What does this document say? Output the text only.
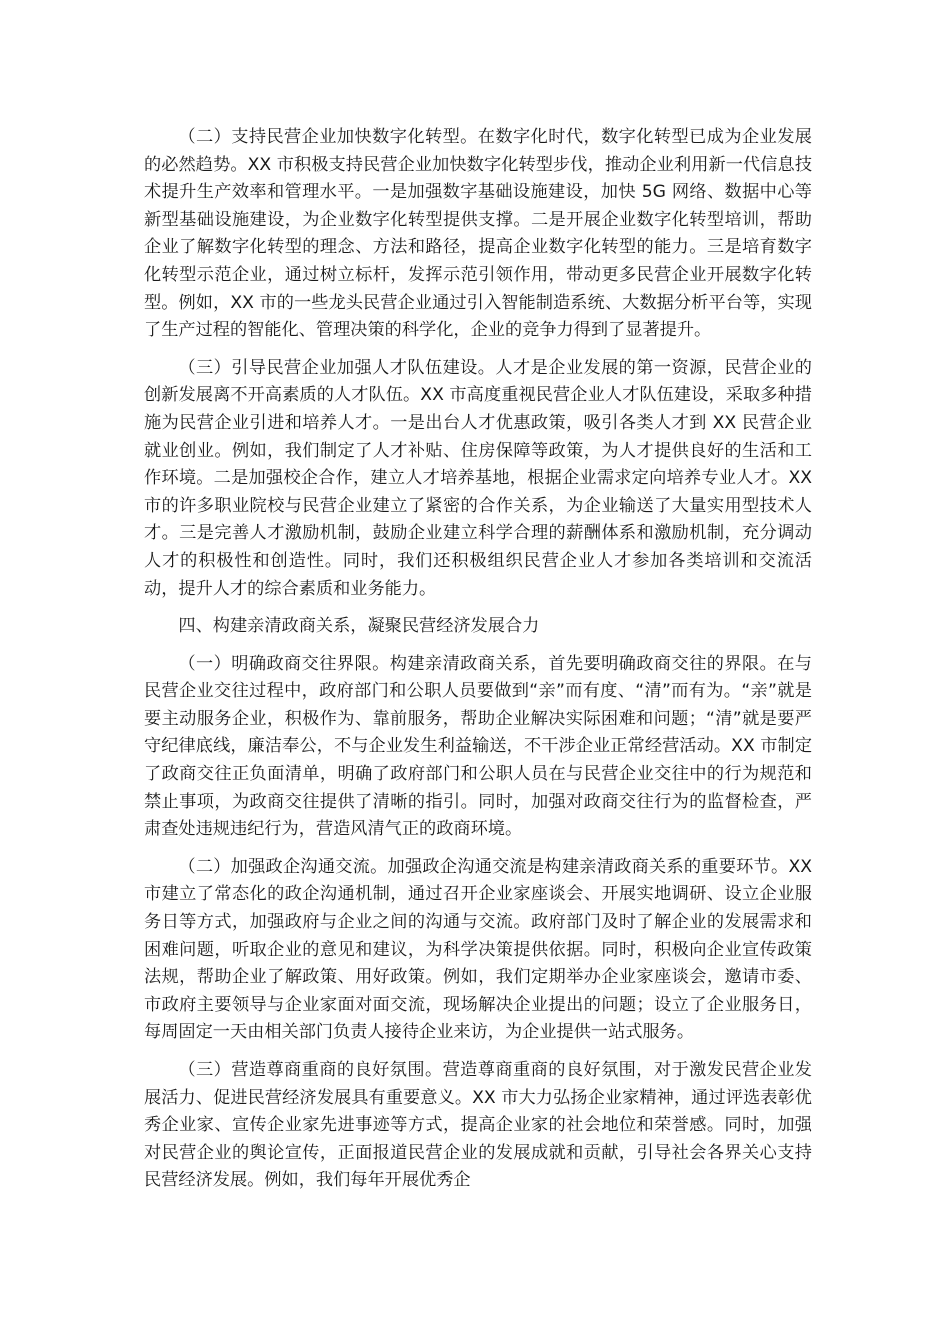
（二）支持民营企业加快数字化转型。在数字化时代，数字化转型已成为企业发展的必然趋势。XX 市积极支持民营企业加快数字化转型步伐，推动企业利用新一代信息技术提升生产效率和管理水平。一是加强数字基础设施建设，加快 5G 网络、数据中心等新型基础设施建设，为企业数字化转型提供支撑。二是开展企业数字化转型培训，帮助企业了解数字化转型的理念、方法和路径，提高企业数字化转型的能力。三是培育数字化转型示范企业，通过树立标杆，发挥示范引领作用，带动更多民营企业开展数字化转型。例如，XX 市的一些龙头民营企业通过引入智能制造系统、大数据分析平台等，实现了生产过程的智能化、管理决策的科学化，企业的竞争力得到了显著提升。

（三）引导民营企业加强人才队伍建设。人才是企业发展的第一资源，民营企业的创新发展离不开高素质的人才队伍。XX 市高度重视民营企业人才队伍建设，采取多种措施为民营企业引进和培养人才。一是出台人才优惠政策，吸引各类人才到 XX 民营企业就业创业。例如，我们制定了人才补贴、住房保障等政策，为人才提供良好的生活和工作环境。二是加强校企合作，建立人才培养基地，根据企业需求定向培养专业人才。XX 市的许多职业院校与民营企业建立了紧密的合作关系，为企业输送了大量实用型技术人才。三是完善人才激励机制，鼓励企业建立科学合理的薪酬体系和激励机制，充分调动人才的积极性和创造性。同时，我们还积极组织民营企业人才参加各类培训和交流活动，提升人才的综合素质和业务能力。

四、构建亲清政商关系，凝聚民营经济发展合力

（一）明确政商交往界限。构建亲清政商关系，首先要明确政商交往的界限。在与民营企业交往过程中，政府部门和公职人员要做到“亲”而有度、“清”而有为。“亲”就是要主动服务企业，积极作为、靠前服务，帮助企业解决实际困难和问题；“清”就是要严守纪律底线，廉洁奉公，不与企业发生利益输送，不干涉企业正常经营活动。XX 市制定了政商交往正负面清单，明确了政府部门和公职人员在与民营企业交往中的行为规范和禁止事项，为政商交往提供了清晰的指引。同时，加强对政商交往行为的监督检查，严肃查处违规违纪行为，营造风清气正的政商环境。

（二）加强政企沟通交流。加强政企沟通交流是构建亲清政商关系的重要环节。XX 市建立了常态化的政企沟通机制，通过召开企业家座谈会、开展实地调研、设立企业服务日等方式，加强政府与企业之间的沟通与交流。政府部门及时了解企业的发展需求和困难问题，听取企业的意见和建议，为科学决策提供依据。同时，积极向企业宣传政策法规，帮助企业了解政策、用好政策。例如，我们定期举办企业家座谈会，邀请市委、市政府主要领导与企业家面对面交流，现场解决企业提出的问题；设立了企业服务日，每周固定一天由相关部门负责人接待企业来访，为企业提供一站式服务。

（三）营造尊商重商的良好氛围。营造尊商重商的良好氛围，对于激发民营企业发展活力、促进民营经济发展具有重要意义。XX 市大力弘扬企业家精神，通过评选表彰优秀企业家、宣传企业家先进事迹等方式，提高企业家的社会地位和荣誉感。同时，加强对民营企业的舆论宣传，正面报道民营企业的发展成就和贡献，引导社会各界关心支持民营经济发展。例如，我们每年开展优秀企
